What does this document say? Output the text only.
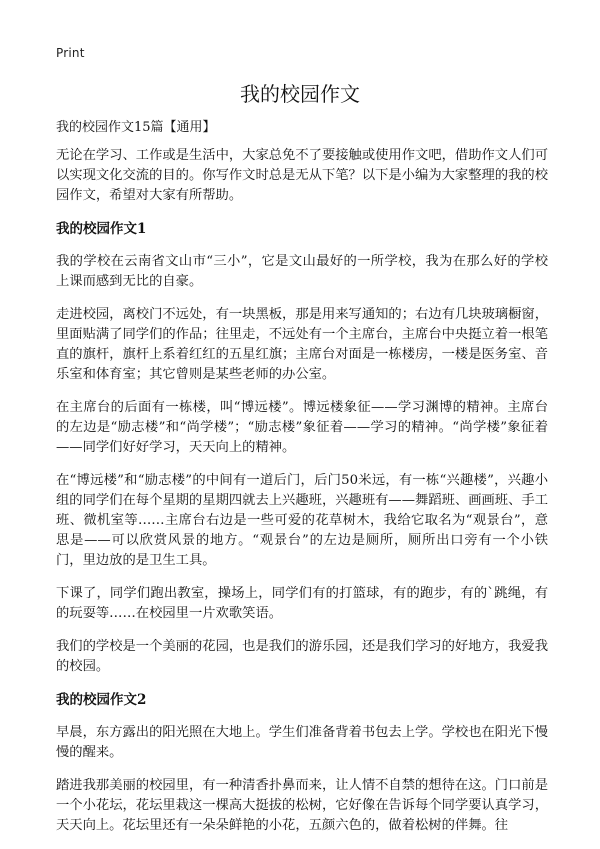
Print
我的校园作文
我的校园作文15篇【通用】

无论在学习、工作或是生活中，大家总免不了要接触或使用作文吧，借助作文人们可以实现文化交流的目的。你写作文时总是无从下笔？以下是小编为大家整理的我的校园作文，希望对大家有所帮助。

我的校园作文1

我的学校在云南省文山市“三小”，它是文山最好的一所学校，我为在那么好的学校上课而感到无比的自豪。

走进校园，离校门不远处，有一块黑板，那是用来写通知的；右边有几块玻璃橱窗，里面贴满了同学们的作品；往里走，不远处有一个主席台，主席台中央挺立着一根笔直的旗杆，旗杆上系着红红的五星红旗；主席台对面是一栋楼房，一楼是医务室、音乐室和体育室；其它曾则是某些老师的办公室。

在主席台的后面有一栋楼，叫“博远楼”。博远楼象征——学习渊博的精神。主席台的左边是“励志楼”和“尚学楼”；“励志楼”象征着——学习的精神。“尚学楼”象征着——同学们好好学习，天天向上的精神。

在“博远楼”和“励志楼”的中间有一道后门，后门50米远，有一栋“兴趣楼”，兴趣小组的同学们在每个星期的星期四就去上兴趣班，兴趣班有——舞蹈班、画画班、手工班、微机室等……主席台右边是一些可爱的花草树木，我给它取名为“观景台”，意思是——可以欣赏风景的地方。“观景台”的左边是厕所，厕所出口旁有一个小铁门，里边放的是卫生工具。

下课了，同学们跑出教室，操场上，同学们有的打篮球，有的跑步，有的`跳绳，有的玩耍等……在校园里一片欢歌笑语。

我们的学校是一个美丽的花园，也是我们的游乐园，还是我们学习的好地方，我爱我的校园。

我的校园作文2

早晨，东方露出的阳光照在大地上。学生们准备背着书包去上学。学校也在阳光下慢慢的醒来。

踏进我那美丽的校园里，有一种清香扑鼻而来，让人情不自禁的想待在这。门口前是一个小花坛，花坛里栽这一棵高大挺拔的松树，它好像在告诉每个同学要认真学习，天天向上。花坛里还有一朵朵鲜艳的小花，五颜六色的，做着松树的伴舞。往
